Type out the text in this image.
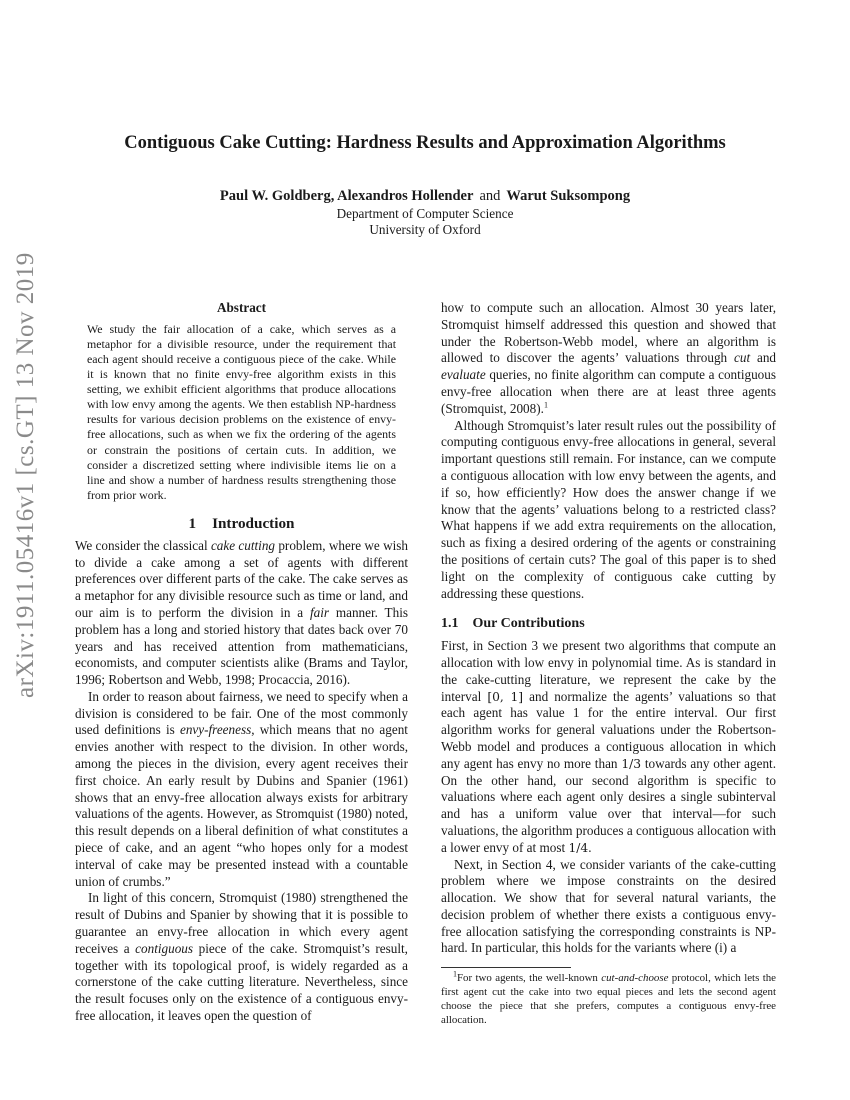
arXiv:1911.05416v1 [cs.GT] 13 Nov 2019
Contiguous Cake Cutting: Hardness Results and Approximation Algorithms
Paul W. Goldberg, Alexandros Hollender and Warut Suksompong
Department of Computer Science
University of Oxford
Abstract
We study the fair allocation of a cake, which serves as a metaphor for a divisible resource, under the requirement that each agent should receive a contiguous piece of the cake. While it is known that no finite envy-free algorithm exists in this setting, we exhibit efficient algorithms that produce allocations with low envy among the agents. We then establish NP-hardness results for various decision problems on the existence of envy-free allocations, such as when we fix the ordering of the agents or constrain the positions of certain cuts. In addition, we consider a discretized setting where indivisible items lie on a line and show a number of hardness results strengthening those from prior work.
1 Introduction

We consider the classical cake cutting problem, where we wish to divide a cake among a set of agents with different preferences over different parts of the cake. The cake serves as a metaphor for any divisible resource such as time or land, and our aim is to perform the division in a fair manner. This problem has a long and storied history that dates back over 70 years and has received attention from mathematicians, economists, and computer scientists alike (Brams and Taylor, 1996; Robertson and Webb, 1998; Procaccia, 2016).

In order to reason about fairness, we need to specify when a division is considered to be fair. One of the most commonly used definitions is envy-freeness, which means that no agent envies another with respect to the division. In other words, among the pieces in the division, every agent receives their first choice. An early result by Dubins and Spanier (1961) shows that an envy-free allocation always exists for arbitrary valuations of the agents. However, as Stromquist (1980) noted, this result depends on a liberal definition of what constitutes a piece of cake, and an agent “who hopes only for a modest interval of cake may be presented instead with a countable union of crumbs.”

In light of this concern, Stromquist (1980) strengthened the result of Dubins and Spanier by showing that it is possible to guarantee an envy-free allocation in which every agent receives a contiguous piece of the cake. Stromquist’s result, together with its topological proof, is widely regarded as a cornerstone of the cake cutting literature. Nevertheless, since the result focuses only on the existence of a contiguous envy-free allocation, it leaves open the question of

how to compute such an allocation. Almost 30 years later, Stromquist himself addressed this question and showed that under the Robertson-Webb model, where an algorithm is allowed to discover the agents’ valuations through

cut and evaluate queries, no finite algorithm can compute a contiguous envy-free allocation when there are at least three agents (Stromquist, 2008).$^1$

Although Stromquist’s later result rules out the possibility of computing contiguous envy-free allocations in general, several important questions still remain. For instance, can we compute a contiguous allocation with low envy between the agents, and if so, how efficiently? How does the answer change if we know that the agents’ valuations belong to a restricted class? What happens if we add extra requirements on the allocation, such as fixing a desired ordering of the agents or constraining the positions of certain cuts? The goal of this paper is to shed light on the complexity of contiguous cake cutting by addressing these questions.

1.1 Our Contributions

First, in Section 3 we present two algorithms that compute an allocation with low envy in polynomial time. As is standard in the cake-cutting literature, we represent the cake by the interval [0, 1] and normalize the agents’ valuations so that each agent has value 1 for the entire interval. Our first algorithm works for general valuations under the Robertson-Webb model and produces a contiguous allocation in which any agent has envy no more than 1/3 towards any other agent. On the other hand, our second algorithm is specific to valuations where each agent only desires a single subinterval and has a uniform value over that interval—for such valuations, the algorithm produces a contiguous allocation with a lower envy of at most 1/4.

Next, in Section 4, we consider variants of the cake-cutting problem where we impose constraints on the desired allocation. We show that for several natural variants, the decision problem of whether there exists a contiguous envy-free allocation satisfying the corresponding constraints is NP-hard. In particular, this holds for the variants where (i) a

$^1$For two agents, the well-known cut-and-choose protocol, which lets the first agent cut the cake into two equal pieces and lets the second agent choose the piece that she prefers, computes a contiguous envy-free allocation.
